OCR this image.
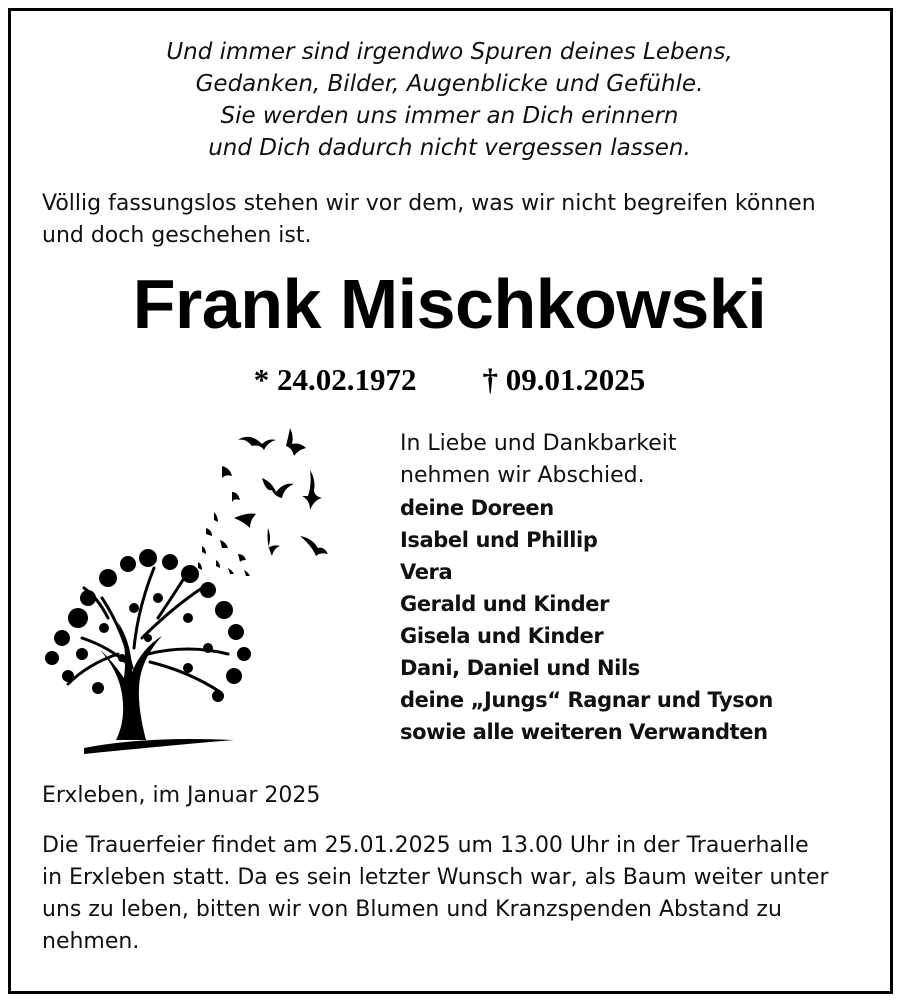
Und immer sind irgendwo Spuren deines Lebens,
Gedanken, Bilder, Augenblicke und Gefühle.
Sie werden uns immer an Dich erinnern
und Dich dadurch nicht vergessen lassen.
Völlig fassungslos stehen wir vor dem, was wir nicht begreifen können
und doch geschehen ist.
Frank Mischkowski
* 24.02.1972 † 09.01.2025
In Liebe und Dankbarkeit
nehmen wir Abschied.
deine Doreen
Isabel und Phillip
Vera
Gerald und Kinder
Gisela und Kinder
Dani, Daniel und Nils
deine „Jungs“ Ragnar und Tyson
sowie alle weiteren Verwandten
Erxleben, im Januar 2025
Die Trauerfeier findet am 25.01.2025 um 13.00 Uhr in der Trauerhalle
in Erxleben statt. Da es sein letzter Wunsch war, als Baum weiter unter
uns zu leben, bitten wir von Blumen und Kranzspenden Abstand zu
nehmen.
